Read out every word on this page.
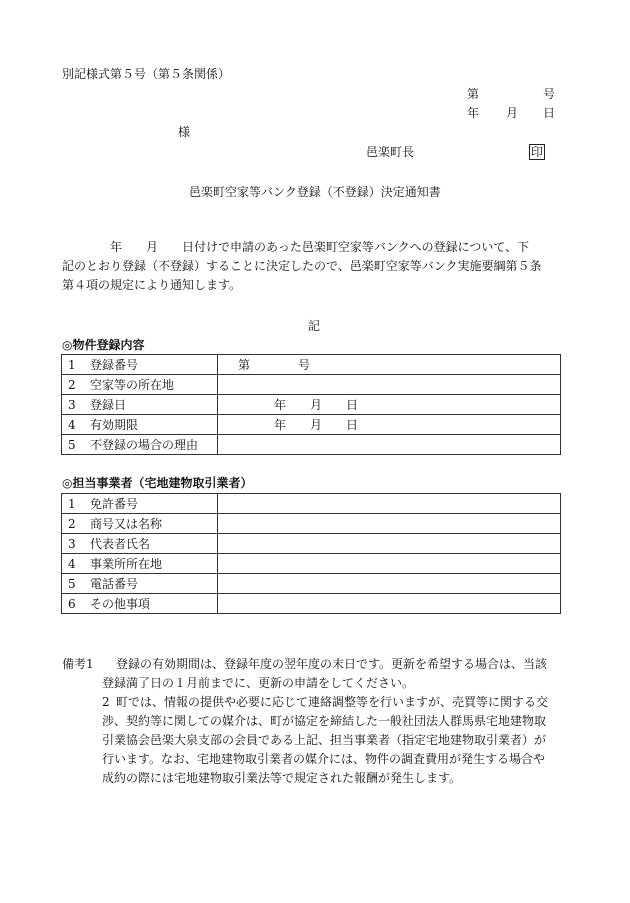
別記様式第５号（第５条関係）
第	号
年 月 日
様
邑楽町長	印
邑楽町空家等バンク登録（不登録）決定通知書
　　　　年　　月　　日付けで申請のあった邑楽町空家等バンクへの登録について、下
記のとおり登録（不登録）することに決定したので、邑楽町空家等バンク実施要綱第５条
第４項の規定により通知します。
記
◎物件登録内容
1 登録番号	第　　　　号
2 空家等の所在地	
3 登録日	　　　年　　月　　日
4 有効期限	　　　年　　月　　日
5 不登録の場合の理由	
◎担当事業者（宅地建物取引業者）
1 免許番号	
2 商号又は名称	
3 代表者氏名	
4 事業所所在地	
5 電話番号	
6 その他事項	
備考1	登録の有効期間は、登録年度の翌年度の末日です。更新を希望する場合は、当該
登録満了日の１月前までに、更新の申請をしてください。
2 町では、情報の提供や必要に応じて連絡調整等を行いますが、売買等に関する交
渉、契約等に関しての媒介は、町が協定を締結した一般社団法人群馬県宅地建物取
引業協会邑楽大泉支部の会員である上記、担当事業者（指定宅地建物取引業者）が
行います。なお、宅地建物取引業者の媒介には、物件の調査費用が発生する場合や
成約の際には宅地建物取引業法等で規定された報酬が発生します。
